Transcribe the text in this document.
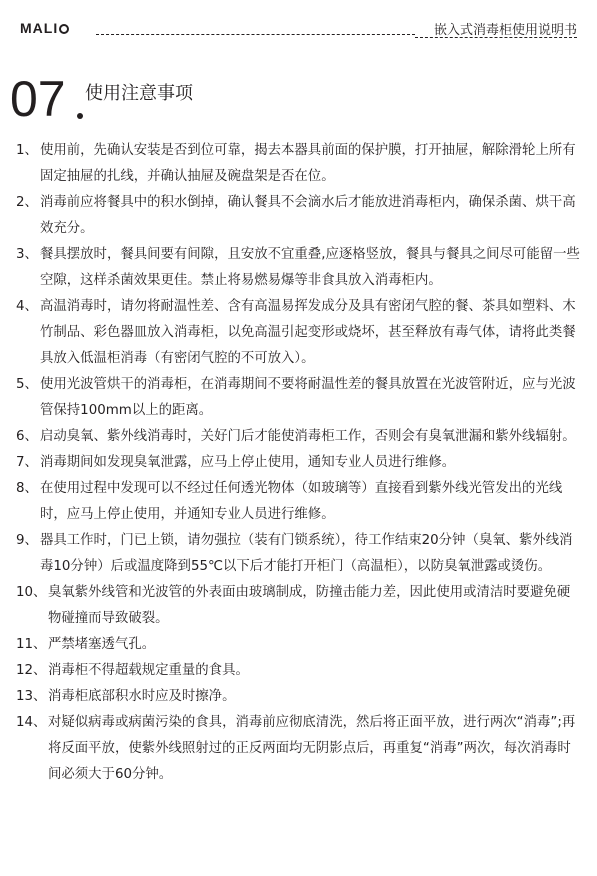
MALI	嵌入式消毒柜使用说明书
07 使用注意事项
1、 使用前，先确认安装是否到位可靠，揭去本器具前面的保护膜，打开抽屉，解除滑轮上所有固定抽屉的扎线，并确认抽屉及碗盘架是否在位。
2、 消毒前应将餐具中的积水倒掉，确认餐具不会滴水后才能放进消毒柜内，确保杀菌、烘干高效充分。
3、 餐具摆放时，餐具间要有间隙，且安放不宜重叠,应逐格竖放，餐具与餐具之间尽可能留一些空隙，这样杀菌效果更佳。禁止将易燃易爆等非食具放入消毒柜内。
4、 高温消毒时，请勿将耐温性差、含有高温易挥发成分及具有密闭气腔的餐、茶具如塑料、木竹制品、彩色器皿放入消毒柜，以免高温引起变形或烧坏，甚至释放有毒气体，请将此类餐具放入低温柜消毒（有密闭气腔的不可放入）。
5、 使用光波管烘干的消毒柜，在消毒期间不要将耐温性差的餐具放置在光波管附近，应与光波管保持100mm以上的距离。
6、 启动臭氧、紫外线消毒时，关好门后才能使消毒柜工作，否则会有臭氧泄漏和紫外线辐射。
7、 消毒期间如发现臭氧泄露，应马上停止使用，通知专业人员进行维修。
8、 在使用过程中发现可以不经过任何透光物体（如玻璃等）直接看到紫外线光管发出的光线时，应马上停止使用，并通知专业人员进行维修。
9、 器具工作时，门已上锁，请勿强拉（装有门锁系统），待工作结束20分钟（臭氧、紫外线消毒10分钟）后或温度降到55℃以下后才能打开柜门（高温柜），以防臭氧泄露或烫伤。
10、 臭氧紫外线管和光波管的外表面由玻璃制成，防撞击能力差，因此使用或清洁时要避免硬物碰撞而导致破裂。
11、 严禁堵塞透气孔。
12、 消毒柜不得超载规定重量的食具。
13、 消毒柜底部积水时应及时擦净。
14、 对疑似病毒或病菌污染的食具，消毒前应彻底清洗，然后将正面平放，进行两次“消毒”;再将反面平放，使紫外线照射过的正反两面均无阴影点后，再重复“消毒”两次，每次消毒时间必须大于60分钟。
